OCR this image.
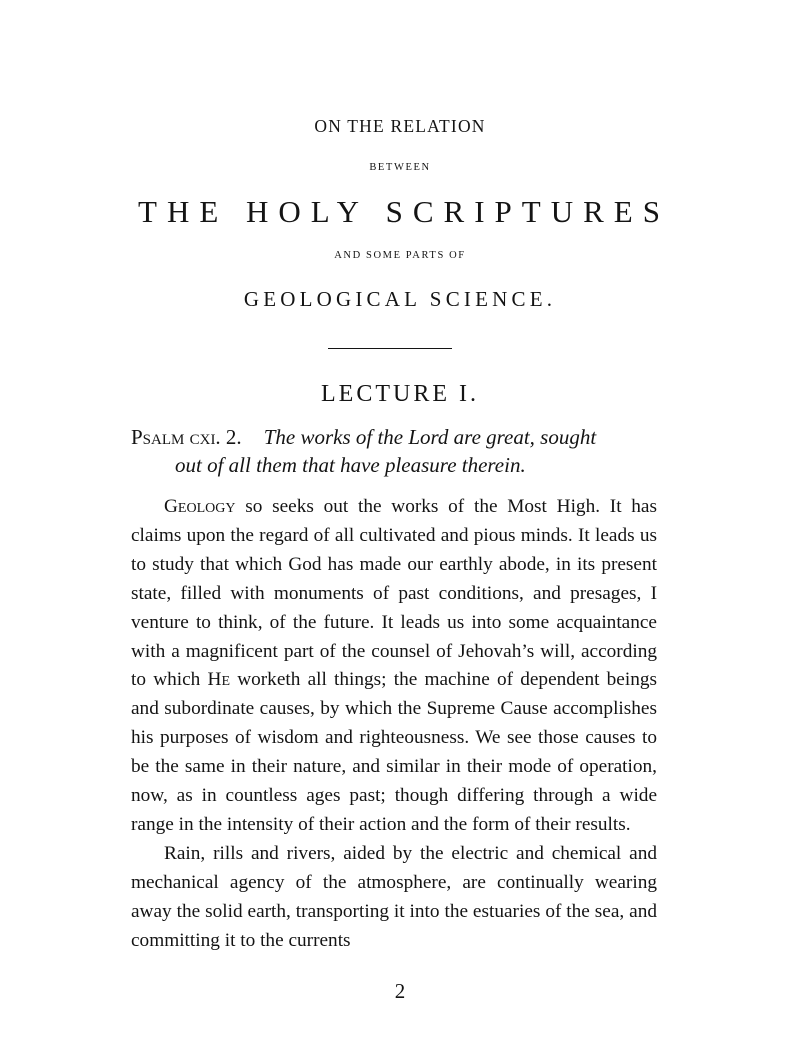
ON THE RELATION
BETWEEN
THE HOLY SCRIPTURES
AND SOME PARTS OF
GEOLOGICAL SCIENCE.
LECTURE I.
Psalm cxi. 2. The works of the Lord are great, sought
out of all them that have pleasure therein.

Geology so seeks out the works of the Most High. It has claims upon the regard of all cultivated and pious minds. It leads us to study that which God has made our earthly abode, in its present state, filled with monuments of past conditions, and presages, I venture to think, of the future. It leads us into some acquaintance with a magnificent part of the counsel of Jehovah’s will, according to which He worketh all things; the machine of dependent beings and subordinate causes, by which the Supreme Cause accomplishes his purposes of wisdom and righteousness. We see those causes to be the same in their nature, and similar in their mode of operation, now, as in countless ages past; though differing through a wide range in the intensity of their action and the form of their results.

Rain, rills and rivers, aided by the electric and chemical and mechanical agency of the atmosphere, are continually wearing away the solid earth, transporting it into the estuaries of the sea, and committing it to the currents

2
